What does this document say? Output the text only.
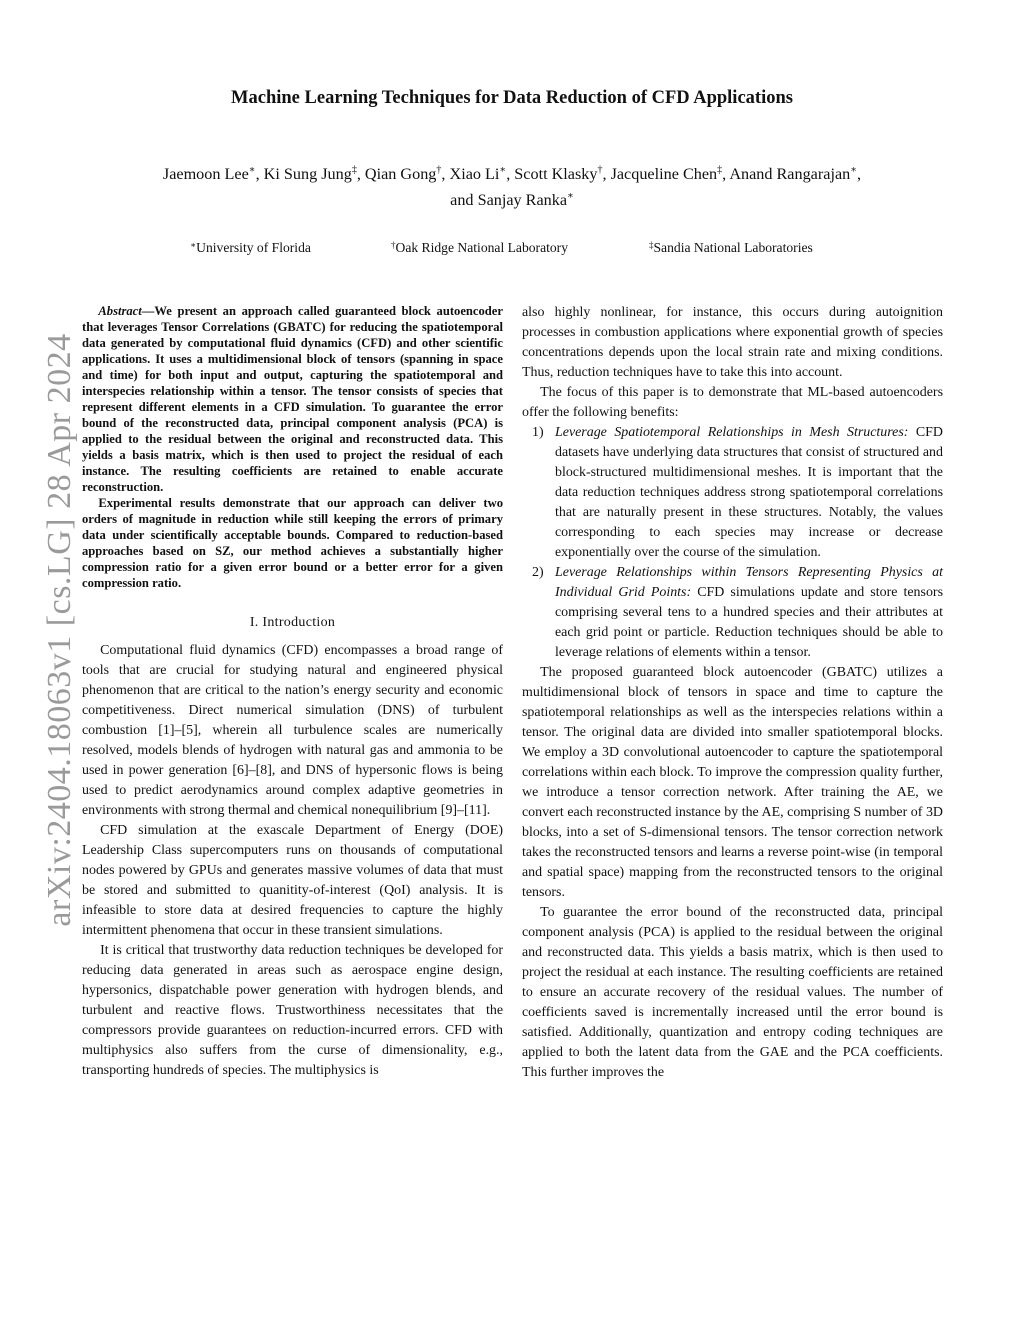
arXiv:2404.18063v1 [cs.LG] 28 Apr 2024
Machine Learning Techniques for Data Reduction of CFD Applications
Jaemoon Lee∗, Ki Sung Jung‡, Qian Gong†, Xiao Li∗, Scott Klasky†, Jacqueline Chen‡, Anand Rangarajan∗,
and Sanjay Ranka∗
∗ University of Florida	† Oak Ridge National Laboratory	‡ Sandia National Laboratories

Abstract—We present an approach called guaranteed block autoencoder that leverages Tensor Correlations (GBATC) for reducing the spatiotemporal data generated by computational fluid dynamics (CFD) and other scientific applications. It uses a multidimensional block of tensors (spanning in space and time) for both input and output, capturing the spatiotemporal and interspecies relationship within a tensor. The tensor consists of species that represent different elements in a CFD simulation. To guarantee the error bound of the reconstructed data, principal component analysis (PCA) is applied to the residual between the original and reconstructed data. This yields a basis matrix, which is then used to project the residual of each instance. The resulting coefficients are retained to enable accurate reconstruction.

Experimental results demonstrate that our approach can deliver two orders of magnitude in reduction while still keeping the errors of primary data under scientifically acceptable bounds. Compared to reduction-based approaches based on SZ, our method achieves a substantially higher compression ratio for a given error bound or a better error for a given compression ratio.

I. Introduction

Computational fluid dynamics (CFD) encompasses a broad range of tools that are crucial for studying natural and engineered physical phenomenon that are critical to the nation’s energy security and economic competitiveness. Direct numerical simulation (DNS) of turbulent combustion [1]–[5], wherein all turbulence scales are numerically resolved, models blends of hydrogen with natural gas and ammonia to be used in power generation [6]–[8], and DNS of hypersonic flows is being used to predict aerodynamics around complex adaptive geometries in environments with strong thermal and chemical nonequilibrium [9]–[11].

CFD simulation at the exascale Department of Energy (DOE) Leadership Class supercomputers runs on thousands of computational nodes powered by GPUs and generates massive volumes of data that must be stored and submitted to quanitity-of-interest (QoI) analysis. It is infeasible to store data at desired frequencies to capture the highly intermittent phenomena that occur in these transient simulations.

It is critical that trustworthy data reduction techniques be developed for reducing data generated in areas such as aerospace engine design, hypersonics, dispatchable power generation with hydrogen blends, and turbulent and reactive flows. Trustworthiness necessitates that the compressors provide guarantees on reduction-incurred errors. CFD with multiphysics also suffers from the curse of dimensionality, e.g., transporting hundreds of species. The multiphysics is

also highly nonlinear, for instance, this occurs during autoignition processes in combustion applications where exponential growth of species concentrations depends upon the local strain rate and mixing conditions. Thus, reduction techniques have to take this into account.

The focus of this paper is to demonstrate that ML-based autoencoders offer the following benefits:

1) Leverage Spatiotemporal Relationships in Mesh Structures: CFD datasets have underlying data structures that consist of structured and block-structured multidimensional meshes. It is important that the data reduction techniques address strong spatiotemporal correlations that are naturally present in these structures. Notably, the values corresponding to each species may increase or decrease exponentially over the course of the simulation.
2) Leverage Relationships within Tensors Representing Physics at Individual Grid Points: CFD simulations update and store tensors comprising several tens to a hundred species and their attributes at each grid point or particle. Reduction techniques should be able to leverage relations of elements within a tensor.

The proposed guaranteed block autoencoder (GBATC) utilizes a multidimensional block of tensors in space and time to capture the spatiotemporal relationships as well as the interspecies relations within a tensor. The original data are divided into smaller spatiotemporal blocks. We employ a 3D convolutional autoencoder to capture the spatiotemporal correlations within each block. To improve the compression quality further, we introduce a tensor correction network. After training the AE, we convert each reconstructed instance by the AE, comprising S number of 3D blocks, into a set of S-dimensional tensors. The tensor correction network takes the reconstructed tensors and learns a reverse point-wise (in temporal and spatial space) mapping from the reconstructed tensors to the original tensors.

To guarantee the error bound of the reconstructed data, principal component analysis (PCA) is applied to the residual between the original and reconstructed data. This yields a basis matrix, which is then used to project the residual at each instance. The resulting coefficients are retained to ensure an accurate recovery of the residual values. The number of coefficients saved is incrementally increased until the error bound is satisfied. Additionally, quantization and entropy coding techniques are applied to both the latent data from the GAE and the PCA coefficients. This further improves the
